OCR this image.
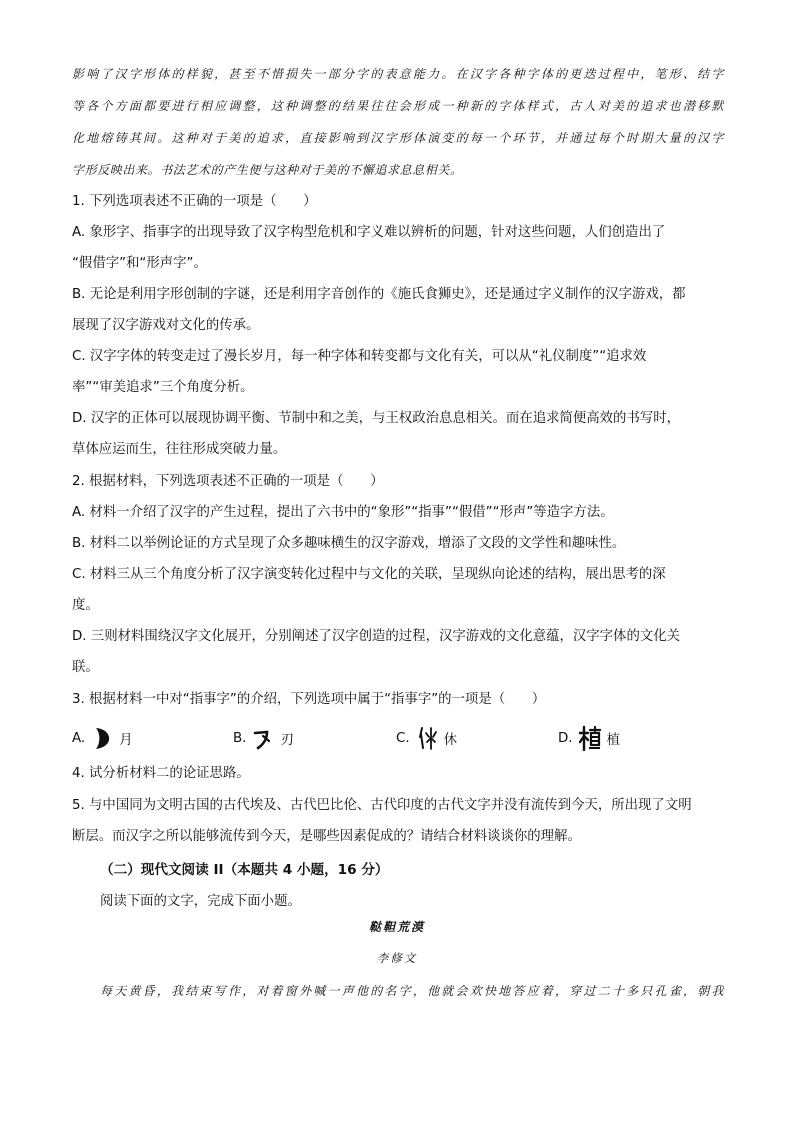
影响了汉字形体的样貌，甚至不惜损失一部分字的表意能力。在汉字各种字体的更迭过程中，笔形、结字
等各个方面都要进行相应调整，这种调整的结果往往会形成一种新的字体样式，古人对美的追求也潜移默
化地熔铸其间。这种对于美的追求，直接影响到汉字形体演变的每一个环节，并通过每个时期大量的汉字
字形反映出来。书法艺术的产生便与这种对于美的不懈追求息息相关。
1. 下列选项表述不正确的一项是（　　）
A. 象形字、指事字的出现导致了汉字构型危机和字义难以辨析的问题，针对这些问题，人们创造出了
“假借字”和“形声字”。
B. 无论是利用字形创制的字谜，还是利用字音创作的《施氏食狮史》，还是通过字义制作的汉字游戏，都
展现了汉字游戏对文化的传承。
C. 汉字字体的转变走过了漫长岁月，每一种字体和转变都与文化有关，可以从“礼仪制度”“追求效
率”“审美追求”三个角度分析。
D. 汉字的正体可以展现协调平衡、节制中和之美，与王权政治息息相关。而在追求简便高效的书写时，
草体应运而生，往往形成突破力量。
2. 根据材料，下列选项表述不正确的一项是（　　）
A. 材料一介绍了汉字的产生过程，提出了六书中的“象形”“指事”“假借”“形声”等造字方法。
B. 材料二以举例论证的方式呈现了众多趣味横生的汉字游戏，增添了文段的文学性和趣味性。
C. 材料三从三个角度分析了汉字演变转化过程中与文化的关联，呈现纵向论述的结构，展出思考的深
度。
D. 三则材料围绕汉字文化展开，分别阐述了汉字创造的过程，汉字游戏的文化意蕴，汉字字体的文化关
联。
3. 根据材料一中对“指事字”的介绍，下列选项中属于“指事字”的一项是（　　）
A.	月	B.	刃	C.	休	D.	植
4. 试分析材料二的论证思路。
5. 与中国同为文明古国的古代埃及、古代巴比伦、古代印度的古代文字并没有流传到今天，所出现了文明
断层。而汉字之所以能够流传到今天，是哪些因素促成的？请结合材料谈谈你的理解。
（二）现代文阅读 II（本题共 4 小题，16 分）
阅读下面的文字，完成下面小题。
鞑靼荒漠
李修文
每天黄昏，我结束写作，对着窗外喊一声他的名字，他就会欢快地答应着，穿过二十多只孔雀，朝我
